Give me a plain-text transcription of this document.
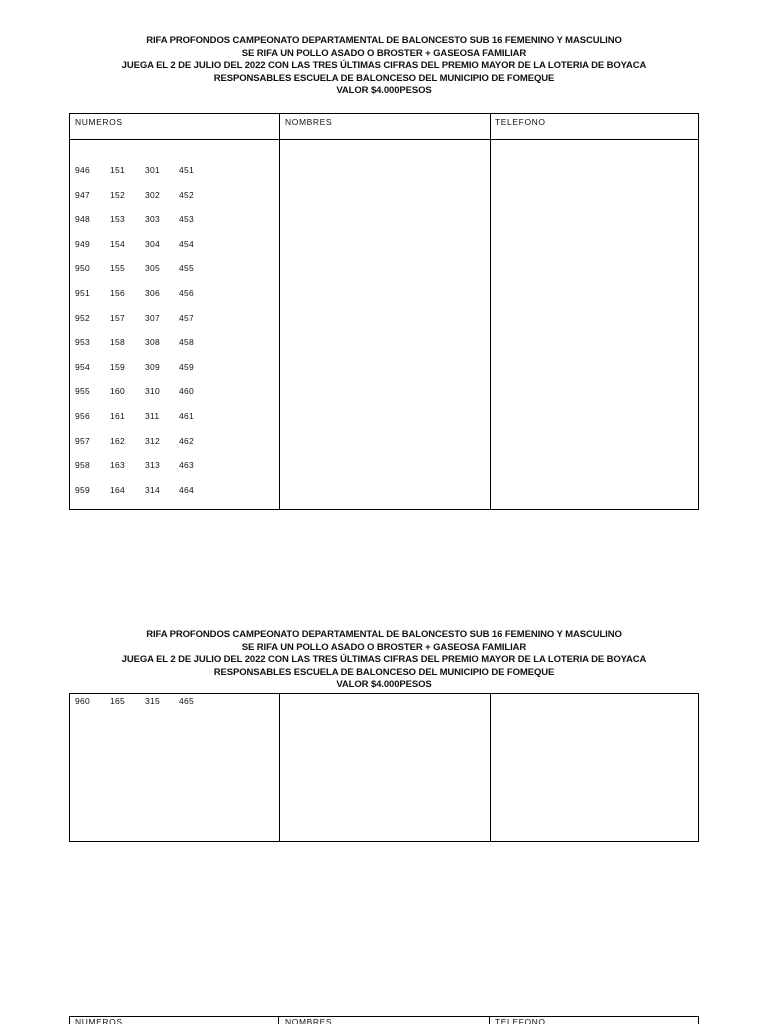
RIFA PROFONDOS CAMPEONATO DEPARTAMENTAL DE BALONCESTO SUB 16 FEMENINO Y MASCULINO
SE RIFA UN POLLO ASADO O BROSTER + GASEOSA FAMILIAR
JUEGA EL 2 DE JULIO DEL 2022 CON LAS TRES ÚLTIMAS CIFRAS DEL PREMIO MAYOR DE LA LOTERIA DE BOYACA
RESPONSABLES ESCUELA DE BALONCESO DEL MUNICIPIO DE FOMEQUE
VALOR $4.000PESOS
NUMEROS	NOMBRES	TELEFONO
946 151 301 451
947 152 302 452
948 153 303 453
949 154 304 454
950 155 305 455
951 156 306 456
952 157 307 457
953 158 308 458
954 159 309 459
955 160 310 460
956 161 311 461
957 162 312 462
958 163 313 463
959 164 314 464
RIFA PROFONDOS CAMPEONATO DEPARTAMENTAL DE BALONCESTO SUB 16 FEMENINO Y MASCULINO
SE RIFA UN POLLO ASADO O BROSTER + GASEOSA FAMILIAR
JUEGA EL 2 DE JULIO DEL 2022 CON LAS TRES ÚLTIMAS CIFRAS DEL PREMIO MAYOR DE LA LOTERIA DE BOYACA
RESPONSABLES ESCUELA DE BALONCESO DEL MUNICIPIO DE FOMEQUE
VALOR $4.000PESOS
960 165 315 465
NUMEROS	NOMBRES	TELEFONO
